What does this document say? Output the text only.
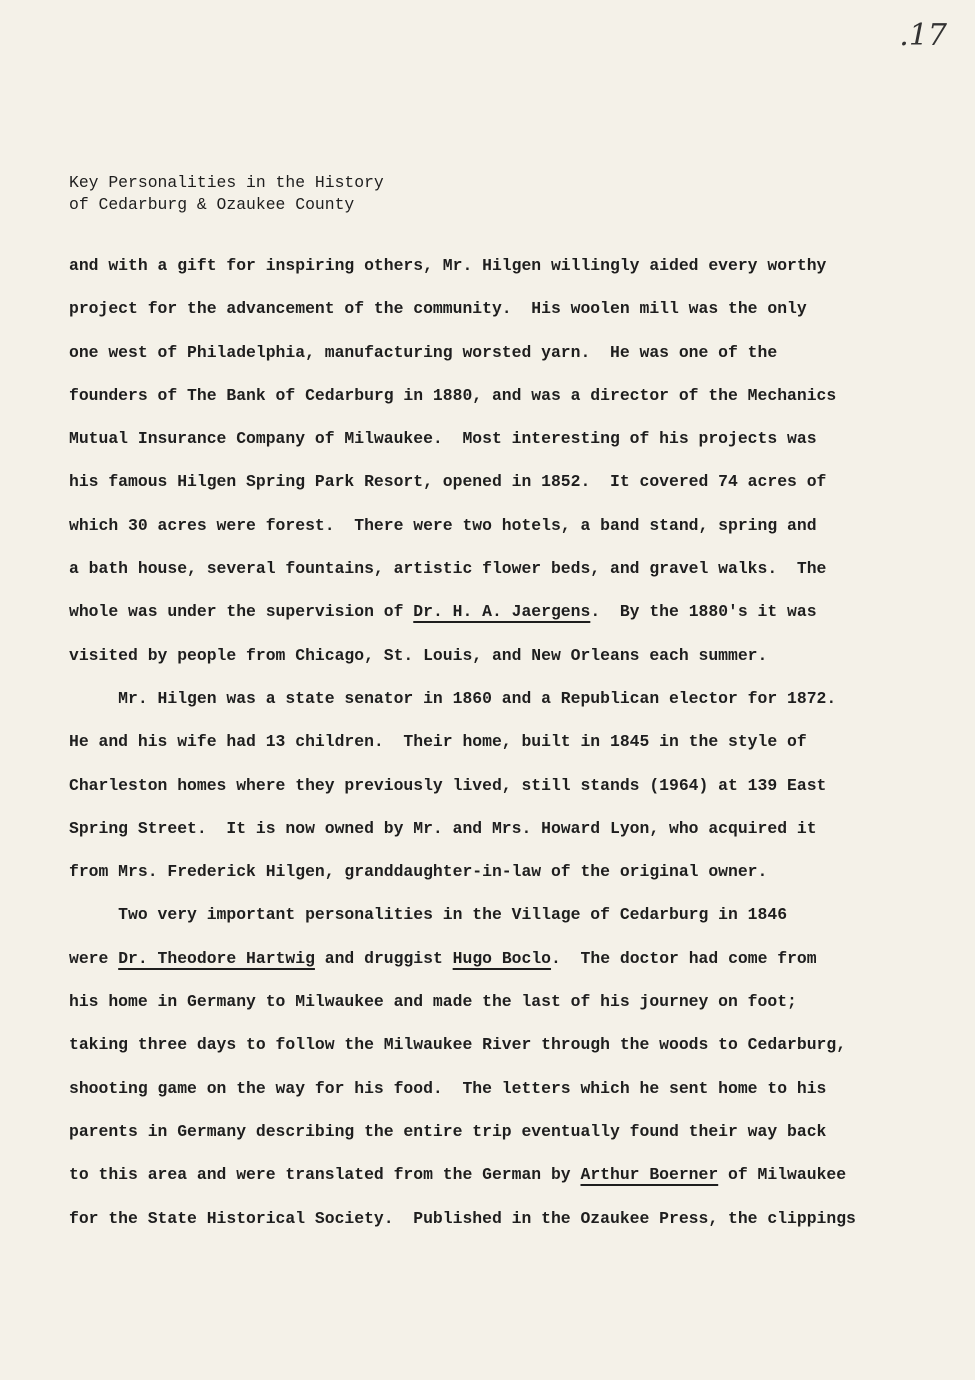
.17
Key Personalities in the History
of Cedarburg & Ozaukee County
and with a gift for inspiring others, Mr. Hilgen willingly aided every worthy
project for the advancement of the community.  His woolen mill was the only
one west of Philadelphia, manufacturing worsted yarn.  He was one of the
founders of The Bank of Cedarburg in 1880, and was a director of the Mechanics
Mutual Insurance Company of Milwaukee.  Most interesting of his projects was
his famous Hilgen Spring Park Resort, opened in 1852.  It covered 74 acres of
which 30 acres were forest.  There were two hotels, a band stand, spring and
a bath house, several fountains, artistic flower beds, and gravel walks.  The
whole was under the supervision of Dr. H. A. Jaergens.  By the 1880's it was
visited by people from Chicago, St. Louis, and New Orleans each summer.
Mr. Hilgen was a state senator in 1860 and a Republican elector for 1872.
He and his wife had 13 children.  Their home, built in 1845 in the style of
Charleston homes where they previously lived, still stands (1964) at 139 East
Spring Street.  It is now owned by Mr. and Mrs. Howard Lyon, who acquired it
from Mrs. Frederick Hilgen, granddaughter-in-law of the original owner.
Two very important personalities in the Village of Cedarburg in 1846
were Dr. Theodore Hartwig and druggist Hugo Boclo.  The doctor had come from
his home in Germany to Milwaukee and made the last of his journey on foot;
taking three days to follow the Milwaukee River through the woods to Cedarburg,
shooting game on the way for his food.  The letters which he sent home to his
parents in Germany describing the entire trip eventually found their way back
to this area and were translated from the German by Arthur Boerner of Milwaukee
for the State Historical Society.  Published in the Ozaukee Press, the clippings
